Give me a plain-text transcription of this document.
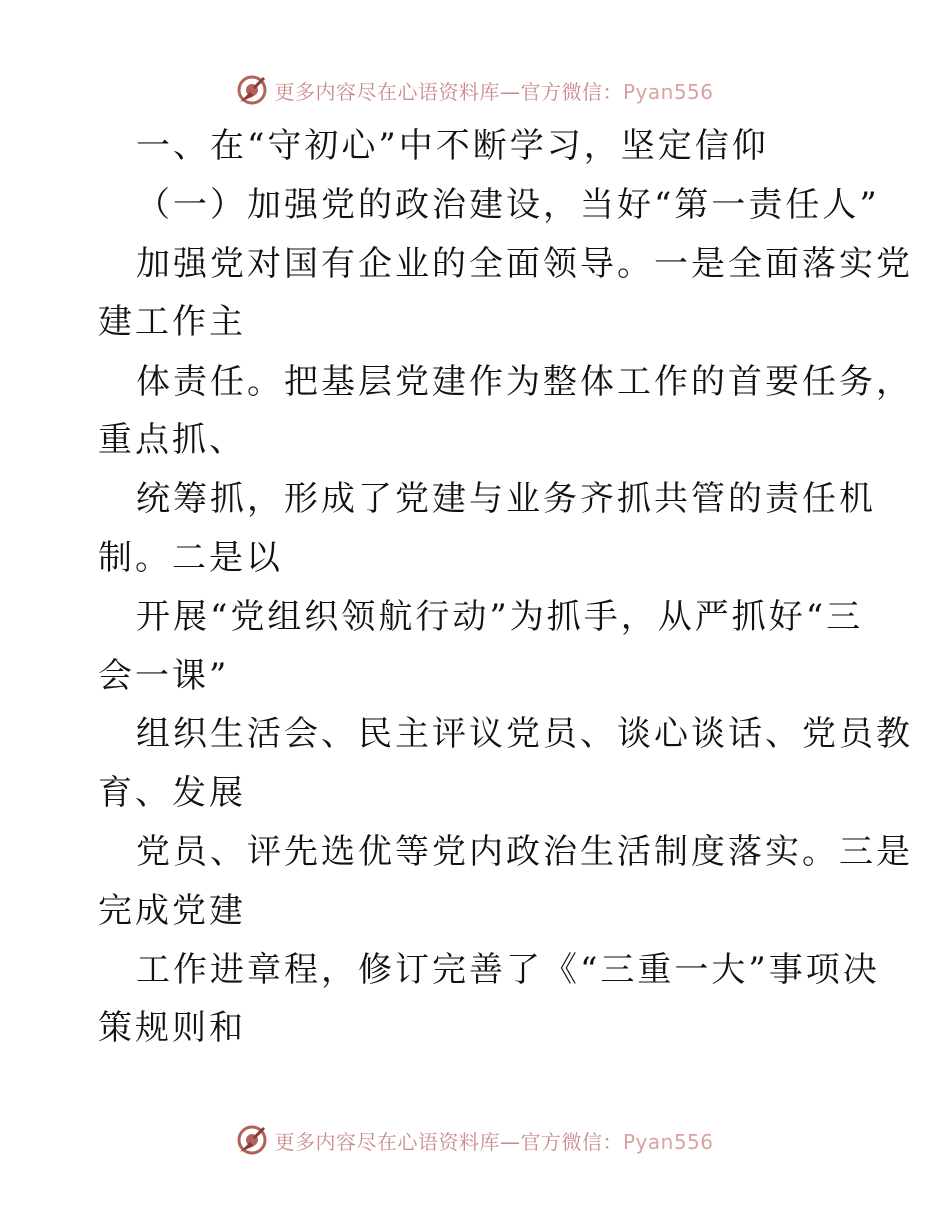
更多内容尽在心语资料库—官方微信：Pyan556
一、在“守初心”中不断学习，坚定信仰
（一）加强党的政治建设，当好“第一责任人”
加强党对国有企业的全面领导。一是全面落实党
建工作主
体责任。把基层党建作为整体工作的首要任务，
重点抓、
统筹抓，形成了党建与业务齐抓共管的责任机
制。二是以
开展“党组织领航行动”为抓手，从严抓好“三
会一课”
组织生活会、民主评议党员、谈心谈话、党员教
育、发展
党员、评先选优等党内政治生活制度落实。三是
完成党建
工作进章程，修订完善了《“三重一大”事项决
策规则和
更多内容尽在心语资料库—官方微信：Pyan556
